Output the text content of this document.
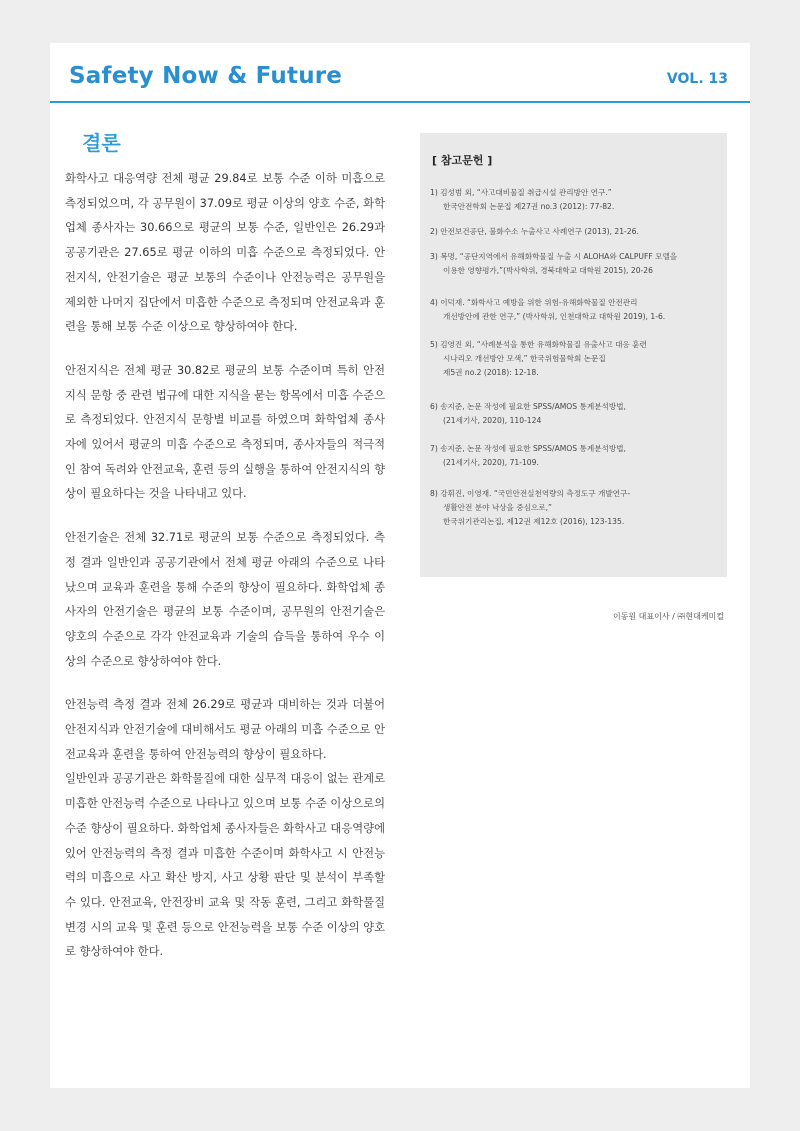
Safety Now & Future	VOL. 13
결론

화학사고 대응역량 전체 평균 29.84로 보통 수준 이하 미흡으로 측정되었으며, 각 공무원이 37.09로 평균 이상의 양호 수준, 화학업체 종사자는 30.66으로 평균의 보통 수준, 일반인은 26.29과 공공기관은 27.65로 평균 이하의 미흡 수준으로 측정되었다. 안전지식, 안전기술은 평균 보통의 수준이나 안전능력은 공무원을 제외한 나머지 집단에서 미흡한 수준으로 측정되며 안전교육과 훈련을 통해 보통 수준 이상으로 향상하여야 한다.

안전지식은 전체 평균 30.82로 평균의 보통 수준이며 특히 안전지식 문항 중 관련 법규에 대한 지식을 묻는 항목에서 미흡 수준으로 측정되었다. 안전지식 문항별 비교를 하였으며 화학업체 종사자에 있어서 평균의 미흡 수준으로 측정되며, 종사자들의 적극적인 참여 독려와 안전교육, 훈련 등의 실행을 통하여 안전지식의 향상이 필요하다는 것을 나타내고 있다.

안전기술은 전체 32.71로 평균의 보통 수준으로 측정되었다. 측정 결과 일반인과 공공기관에서 전체 평균 아래의 수준으로 나타났으며 교육과 훈련을 통해 수준의 향상이 필요하다. 화학업체 종사자의 안전기술은 평균의 보통 수준이며, 공무원의 안전기술은 양호의 수준으로 각각 안전교육과 기술의 습득을 통하여 우수 이상의 수준으로 향상하여야 한다.

안전능력 측정 결과 전체 26.29로 평균과 대비하는 것과 더불어 안전지식과 안전기술에 대비해서도 평균 아래의 미흡 수준으로 안전교육과 훈련을 통하여 안전능력의 향상이 필요하다.

일반인과 공공기관은 화학물질에 대한 실무적 대응이 없는 관계로 미흡한 안전능력 수준으로 나타나고 있으며 보통 수준 이상으로의 수준 향상이 필요하다. 화학업체 종사자들은 화학사고 대응역량에 있어 안전능력의 측정 결과 미흡한 수준이며 화학사고 시 안전능력의 미흡으로 사고 확산 방지, 사고 상황 판단 및 분석이 부족할 수 있다. 안전교육, 안전장비 교육 및 작동 훈련, 그리고 화학물질 변경 시의 교육 및 훈련 등으로 안전능력을 보통 수준 이상의 양호로 향상하여야 한다.

[ 참고문헌 ]
1) 김성범 외, “사고대비물질 취급시설 관리방안 연구.”
한국안전학회 논문집 제27권 no.3 (2012): 77-82.
2) 안전보건공단, 불화수소 누출사고 사례연구 (2013), 21-26.
3) 복명, “공단지역에서 유해화학물질 누출 시 ALOHA와 CALPUFF 모델을
이용한 영향평가,”(박사학위, 경북대학교 대학원 2015), 20-26
4) 이덕재. “화학사고 예방을 위한 위험-유해화학물질 안전관리
개선방안에 관한 연구,” (박사학위, 인천대학교 대학원 2019), 1-6.
5) 김영진 외, “사례분석을 통한 유해화학물질 유출사고 대응 훈련
시나리오 개선방안 모색,” 한국위험물학회 논문집
제5권 no.2 (2018): 12-18.
6) 송지준, 논문 작성에 필요한 SPSS/AMOS 통계분석방법,
(21세기사, 2020), 110-124
7) 송지준, 논문 작성에 필요한 SPSS/AMOS 통계분석방법,
(21세기사, 2020), 71-109.
8) 강휘진, 이영재. “국민안전실천역량의 측정도구 개발연구-
생활안전 분야 낙상을 중심으로,”
한국위기관리논집, 제12권 제12호 (2016), 123-135.
이동원 대표이사 / ㈜현대케미컬
